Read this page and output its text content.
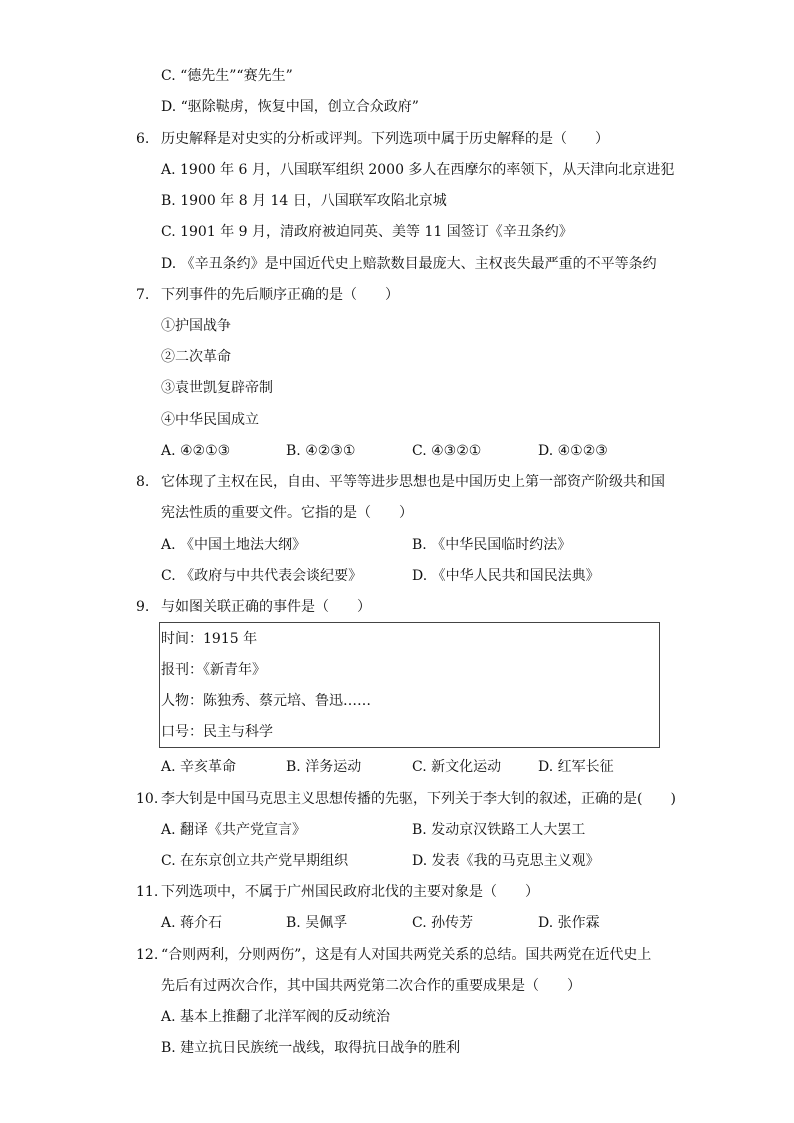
C. “德先生”“赛先生”
D. “驱除鞑虏，恢复中国，创立合众政府”
6. 历史解释是对史实的分析或评判。下列选项中属于历史解释的是（　　）
A. 1900 年 6 月，八国联军组织 2000 多人在西摩尔的率领下，从天津向北京进犯
B. 1900 年 8 月 14 日，八国联军攻陷北京城
C. 1901 年 9 月，清政府被迫同英、美等 11 国签订《辛丑条约》
D. 《辛丑条约》是中国近代史上赔款数目最庞大、主权丧失最严重的不平等条约
7. 下列事件的先后顺序正确的是（　　）
①护国战争
②二次革命
③袁世凯复辟帝制
④中华民国成立
A. ④②①③	B. ④②③①	C. ④③②①	D. ④①②③
8. 它体现了主权在民，自由、平等等进步思想也是中国历史上第一部资产阶级共和国
宪法性质的重要文件。它指的是（　　）
A. 《中国土地法大纲》	B. 《中华民国临时约法》
C. 《政府与中共代表会谈纪要》	D. 《中华人民共和国民法典》
9. 与如图关联正确的事件是（　　）
时间：1915 年
报刊：《新青年》
人物：陈独秀、蔡元培、鲁迅……
口号：民主与科学
A. 辛亥革命	B. 洋务运动	C. 新文化运动	D. 红军长征
10. 李大钊是中国马克思主义思想传播的先驱，下列关于李大钊的叙述，正确的是(　　)
A. 翻译《共产党宣言》	B. 发动京汉铁路工人大罢工
C. 在东京创立共产党早期组织	D. 发表《我的马克思主义观》
11. 下列选项中，不属于广州国民政府北伐的主要对象是（　　）
A. 蒋介石	B. 吴佩孚	C. 孙传芳	D. 张作霖
12. “合则两利，分则两伤”，这是有人对国共两党关系的总结。国共两党在近代史上
先后有过两次合作，其中国共两党第二次合作的重要成果是（　　）
A. 基本上推翻了北洋军阀的反动统治
B. 建立抗日民族统一战线，取得抗日战争的胜利
